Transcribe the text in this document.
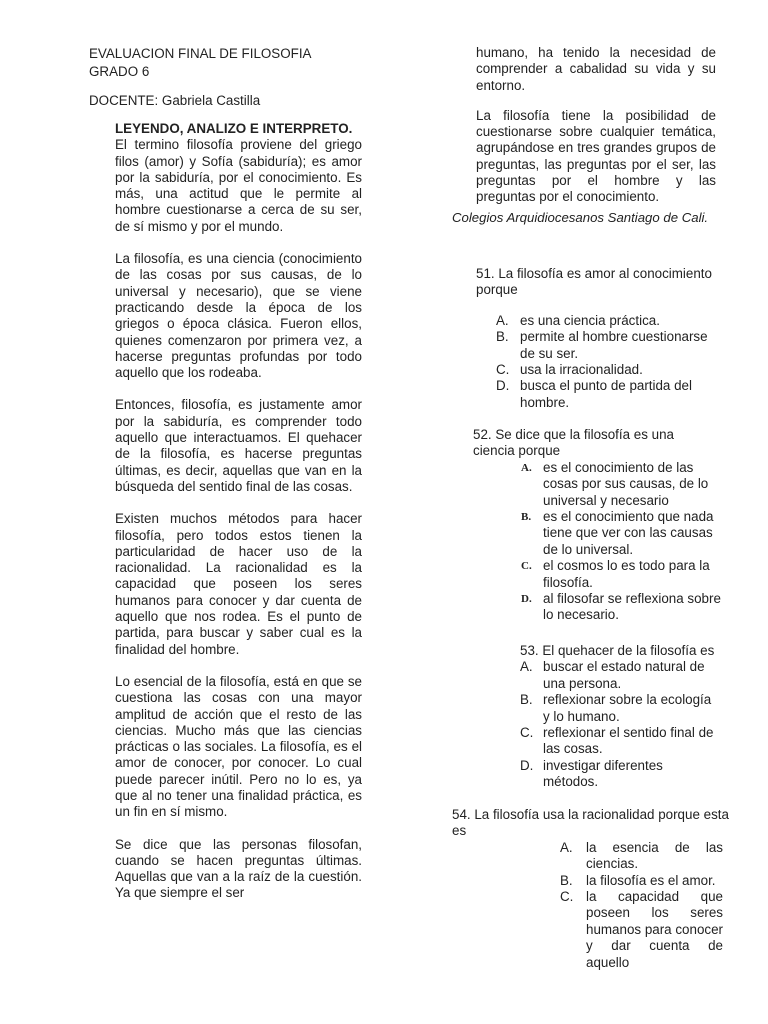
EVALUACION FINAL DE FILOSOFIA
GRADO 6
DOCENTE: Gabriela Castilla
LEYENDO, ANALIZO E INTERPRETO.

El termino filosofía proviene del griego filos (amor) y Sofía (sabiduría); es amor por la sabiduría, por el conocimiento. Es más, una actitud que le permite al hombre cuestionarse a cerca de su ser, de sí mismo y por el mundo.

La filosofía, es una ciencia (conocimiento de las cosas por sus causas, de lo universal y necesario), que se viene practicando desde la época de los griegos o época clásica. Fueron ellos, quienes comenzaron por primera vez, a hacerse preguntas profundas por todo aquello que los rodeaba.

Entonces, filosofía, es justamente amor por la sabiduría, es comprender todo aquello que interactuamos. El quehacer de la filosofía, es hacerse preguntas últimas, es decir, aquellas que van en la búsqueda del sentido final de las cosas.

Existen muchos métodos para hacer filosofía, pero todos estos tienen la particularidad de hacer uso de la racionalidad. La racionalidad es la capacidad que poseen los seres humanos para conocer y dar cuenta de aquello que nos rodea. Es el punto de partida, para buscar y saber cual es la finalidad del hombre.

Lo esencial de la filosofía, está en que se cuestiona las cosas con una mayor amplitud de acción que el resto de las ciencias. Mucho más que las ciencias prácticas o las sociales. La filosofía, es el amor de conocer, por conocer. Lo cual puede parecer inútil. Pero no lo es, ya que al no tener una finalidad práctica, es un fin en sí mismo.

Se dice que las personas filosofan, cuando se hacen preguntas últimas. Aquellas que van a la raíz de la cuestión. Ya que siempre el ser

humano, ha tenido la necesidad de comprender a cabalidad su vida y su entorno.

La filosofía tiene la posibilidad de cuestionarse sobre cualquier temática, agrupándose en tres grandes grupos de preguntas, las preguntas por el ser, las preguntas por el hombre y las preguntas por el conocimiento.

Colegios Arquidiocesanos Santiago de Cali.
51. La filosofía es amor al conocimiento porque
A. es una ciencia práctica.
B. permite al hombre cuestionarse de su ser.
C. usa la irracionalidad.
D. busca el punto de partida del hombre.
52. Se dice que la filosofía es una ciencia porque
A. es el conocimiento de las cosas por sus causas, de lo universal y necesario
B. es el conocimiento que nada tiene que ver con las causas de lo universal.
C. el cosmos lo es todo para la filosofía.
D. al filosofar se reflexiona sobre lo necesario.
53. El quehacer de la filosofía es
A. buscar el estado natural de una persona.
B. reflexionar sobre la ecología y lo humano.
C. reflexionar el sentido final de las cosas.
D. investigar diferentes métodos.
54. La filosofía usa la racionalidad porque esta es
A. la esencia de las ciencias.
B. la filosofía es el amor.
C. la capacidad que poseen los seres humanos para conocer y dar cuenta de aquello
